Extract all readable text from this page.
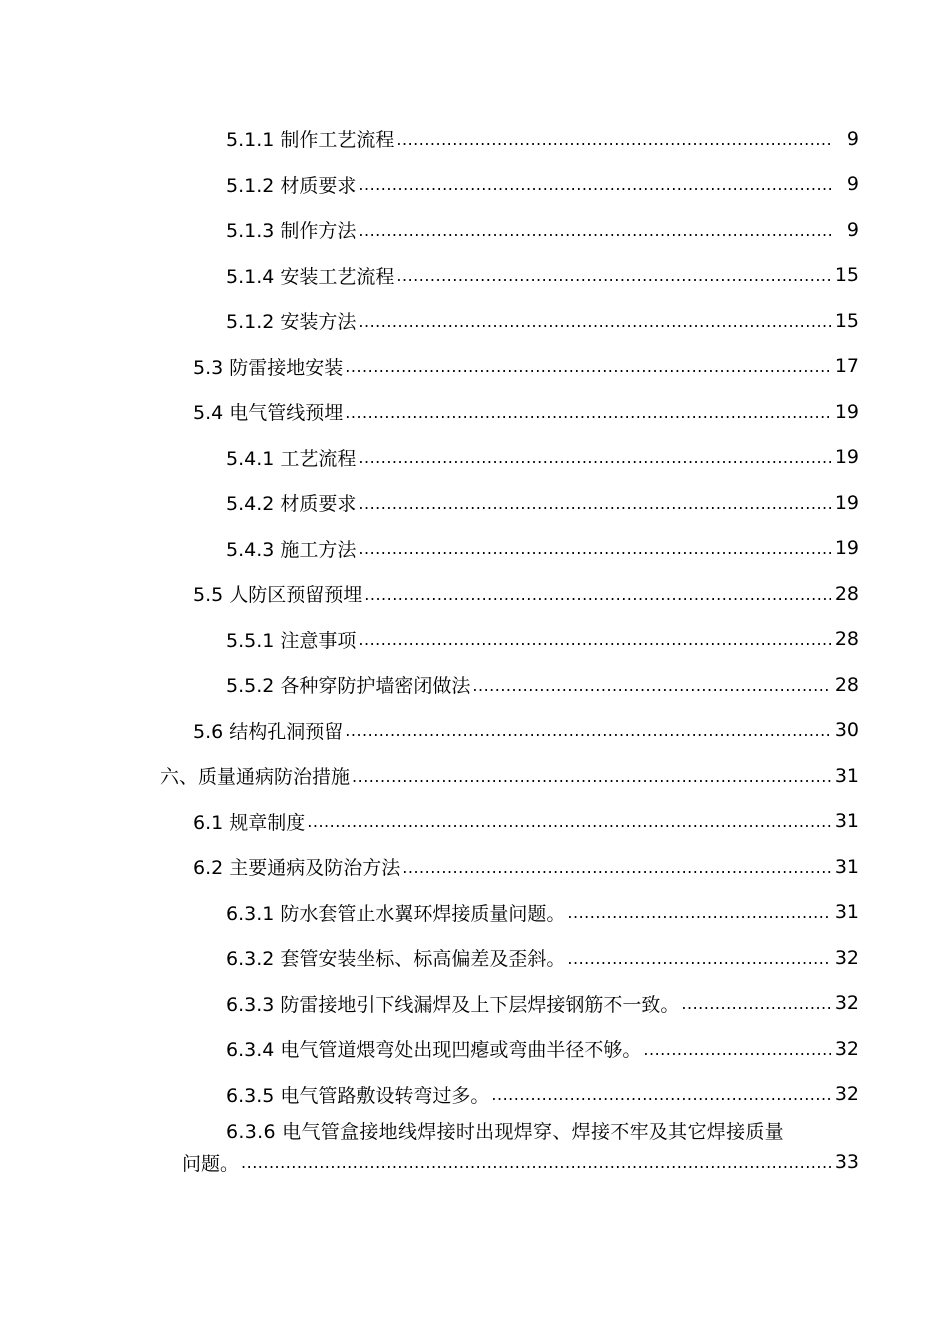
5.1.1 制作工艺流程 .....	9
5.1.2 材质要求 .....	9
5.1.3 制作方法 .....	9
5.1.4 安装工艺流程 .....	15
5.1.2 安装方法 .....	15
5.3 防雷接地安装 .....	17
5.4 电气管线预埋 .....	19
5.4.1 工艺流程 .....	19
5.4.2 材质要求 .....	19
5.4.3 施工方法 .....	19
5.5 人防区预留预埋 .....	28
5.5.1 注意事项 .....	28
5.5.2 各种穿防护墙密闭做法 .....	28
5.6 结构孔洞预留 .....	30
六、质量通病防治措施 .....	31
6.1 规章制度 .....	31
6.2 主要通病及防治方法 .....	31
6.3.1 防水套管止水翼环焊接质量问题。 .....	31
6.3.2 套管安装坐标、标高偏差及歪斜。 .....	32
6.3.3 防雷接地引下线漏焊及上下层焊接钢筋不一致。 .....	32
6.3.4 电气管道煨弯处出现凹瘪或弯曲半径不够。 .....	32
6.3.5 电气管路敷设转弯过多。 .....	32
6.3.6 电气管盒接地线焊接时出现焊穿、焊接不牢及其它焊接质量
问题。 .....	33
